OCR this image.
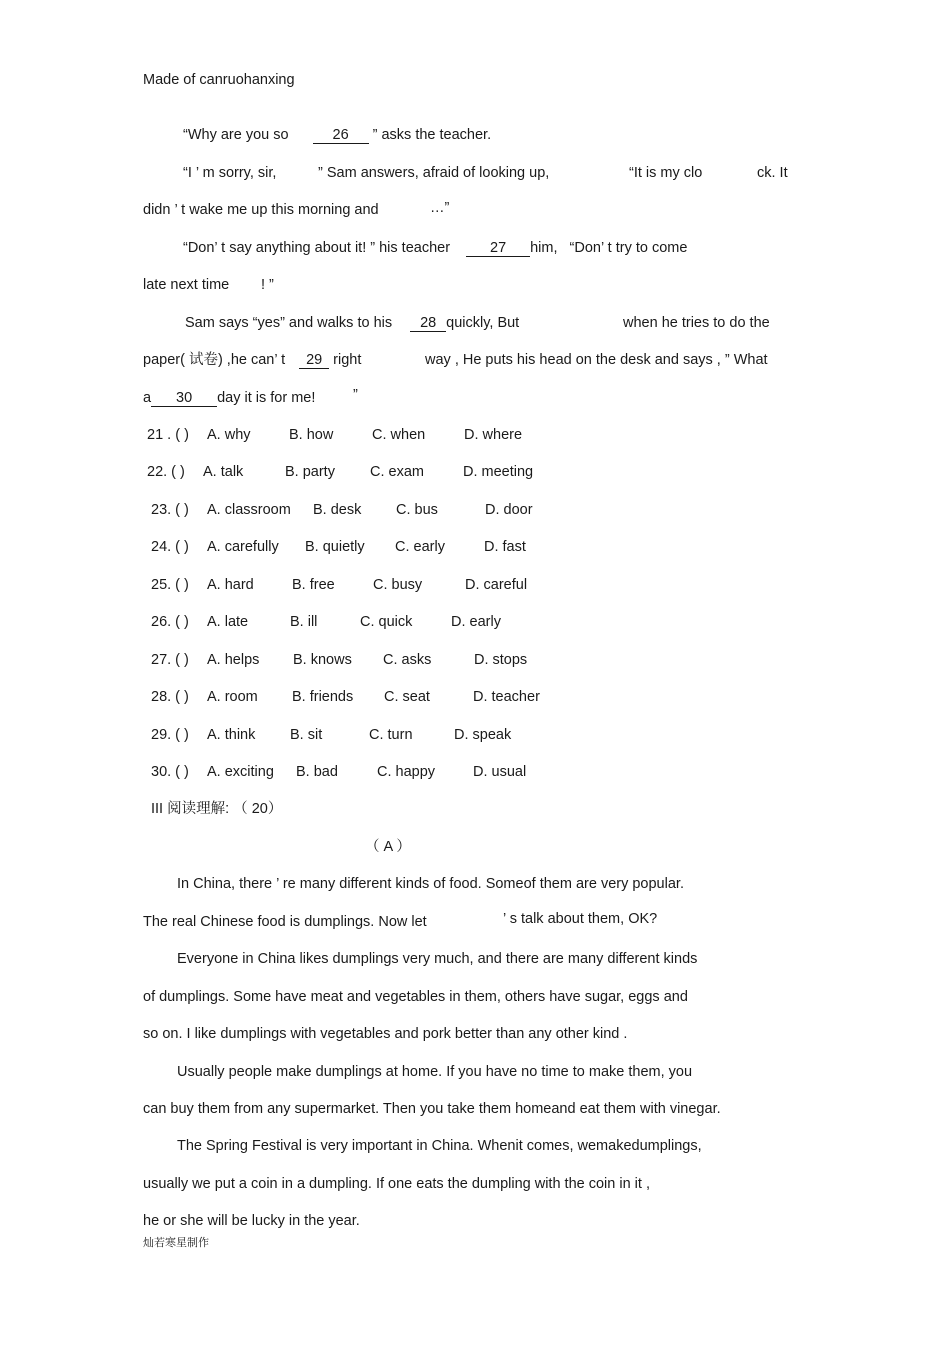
Made of canruohanxing
“Why are you so	26 ” asks the teacher.
“I ’ m sorry, sir,	” Sam answers, afraid of looking up,	“It is my clo	ck. It
didn ’ t wake me up this morning and	…”
“Don’ t say anything about it! ” his teacher	27 him, “Don’ t try to come
late next time ! ”
Sam says “yes” and walks to his 28 quickly, But	when he tries to do the
paper( 试卷) ,he can’ t 29 right	way , He puts his head on the desk and says , ” What
a 30 day it is for me!	”
21 . ( ) A. why	B. how	C. when	D. where
22. ( ) A. talk	B. party C. exam	D. meeting
23. ( ) A. classroom B. desk C. bus	D. door
24. ( ) A. carefully B. quietly C. early	D. fast
25. ( ) A. hard	B. free	C. busy	D. careful
26. ( ) A. late	B. ill	C. quick	D. early
27. ( ) A. helps B. knows C. asks	D. stops
28. ( ) A. room B. friends C. seat	D. teacher
29. ( ) A. think B. sit	C. turn	D. speak
30. ( ) A. exciting B. bad	C. happy	D. usual
III 阅读理解: （ 20）
（ A ）
In China, there ’ re many different kinds of food. Someof them are very popular.
The real Chinese food is dumplings. Now let	’ s talk about them, OK?
Everyone in China likes dumplings very much, and there are many different kinds
of dumplings. Some have meat and vegetables in them, others have sugar, eggs and
so on. I like dumplings with vegetables and pork better than any other kind .
Usually people make dumplings at home. If you have no time to make them, you
can buy them from any supermarket. Then you take them homeand eat them with vinegar.
The Spring Festival is very important in China. Whenit comes, wemakedumplings,
usually we put a coin in a dumpling. If one eats the dumpling with the coin in it ,
he or she will be lucky in the year.
灿若寒星制作
